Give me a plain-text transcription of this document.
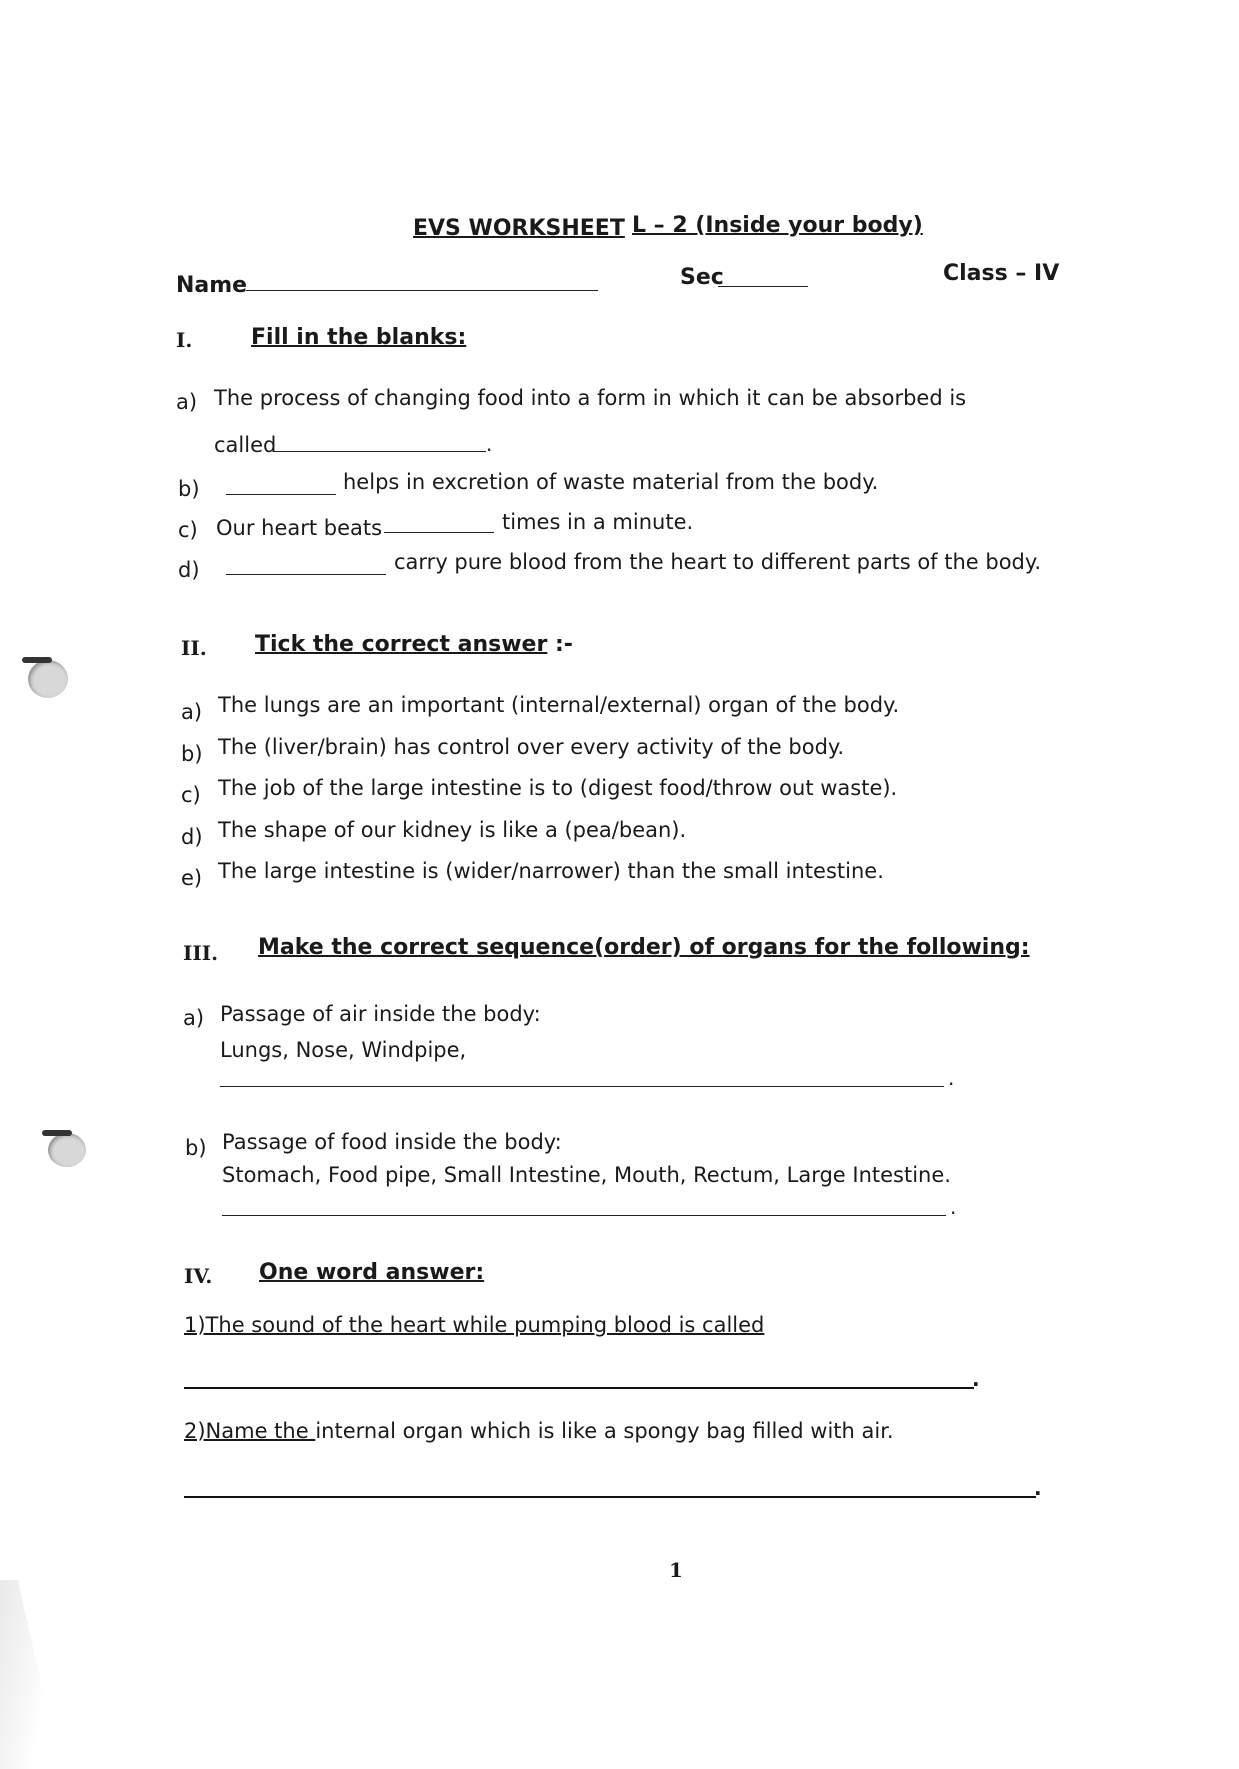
EVS WORKSHEET L – 2 (Inside your body)
Name	Sec	Class – IV
I.	Fill in the blanks:
a) The process of changing food into a form in which it can be absorbed is
called	.
b)	helps in excretion of waste material from the body.
c) Our heart beats	times in a minute.
d)	carry pure blood from the heart to different parts of the body.
II. Tick the correct answer :-
a) The lungs are an important (internal/external) organ of the body.
b) The (liver/brain) has control over every activity of the body.
c) The job of the large intestine is to (digest food/throw out waste).
d) The shape of our kidney is like a (pea/bean).
e) The large intestine is (wider/narrower) than the small intestine.
III. Make the correct sequence(order) of organs for the following:
a) Passage of air inside the body:
Lungs, Nose, Windpipe,
.
b) Passage of food inside the body:
Stomach, Food pipe, Small Intestine, Mouth, Rectum, Large Intestine.
.
IV. One word answer:
1)The sound of the heart while pumping blood is called
.
2)Name the internal organ which is like a spongy bag filled with air.
.
1
